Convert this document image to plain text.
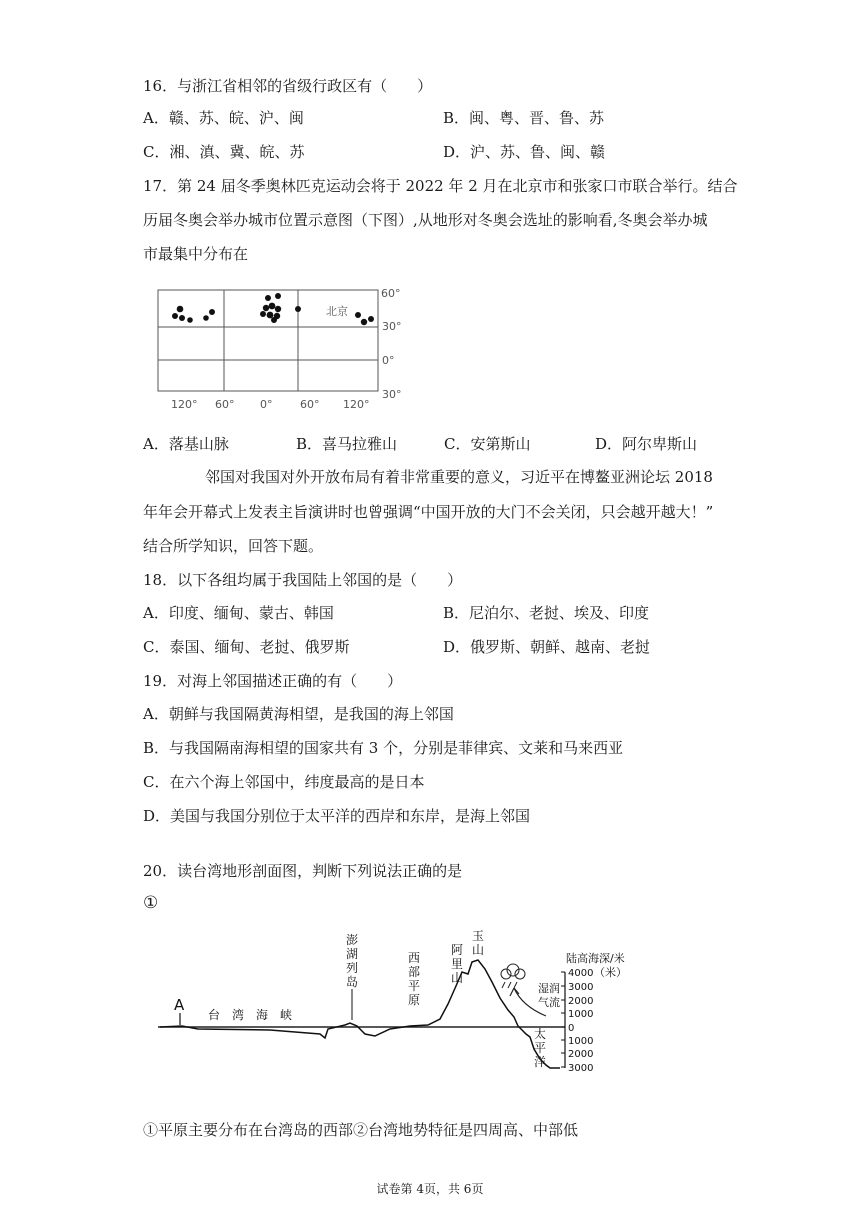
16．与浙江省相邻的省级行政区有（　　）
A．赣、苏、皖、沪、闽	B．闽、粤、晋、鲁、苏
C．湘、滇、冀、皖、苏	D．沪、苏、鲁、闽、赣
17．第 24 届冬季奥林匹克运动会将于 2022 年 2 月在北京市和张家口市联合举行。结合
历届冬奥会举办城市位置示意图（下图）,从地形对冬奥会选址的影响看,冬奥会举办城
市最集中分布在
北京
60°
30°
0°
30°
120° 60° 0°	60° 120°
A．落基山脉	B．喜马拉雅山	C．安第斯山	D．阿尔卑斯山
邻国对我国对外开放布局有着非常重要的意义，习近平在博鳌亚洲论坛 2018
年年会开幕式上发表主旨演讲时也曾强调“中国开放的大门不会关闭，只会越开越大！”
结合所学知识，回答下题。
18．以下各组均属于我国陆上邻国的是（　　）
A．印度、缅甸、蒙古、韩国	B．尼泊尔、老挝、埃及、印度
C．泰国、缅甸、老挝、俄罗斯	D．俄罗斯、朝鲜、越南、老挝
19．对海上邻国描述正确的有（　　）
A．朝鲜与我国隔黄海相望，是我国的海上邻国
B．与我国隔南海相望的国家共有 3 个，分别是菲律宾、文莱和马来西亚
C．在六个海上邻国中，纬度最高的是日本
D．美国与我国分别位于太平洋的西岸和东岸，是海上邻国
20．读台湾地形剖面图，判断下列说法正确的是
①
A
台　湾　海　峡
澎
湖
列
岛
西
部
平
原
阿
里
山
玉
山
湿润
气流
太
平
洋
陆高海深/米
（米）
4000
3000
2000
1000
0
1000
2000
3000
①平原主要分布在台湾岛的西部②台湾地势特征是四周高、中部低
试卷第 4页，共 6页
